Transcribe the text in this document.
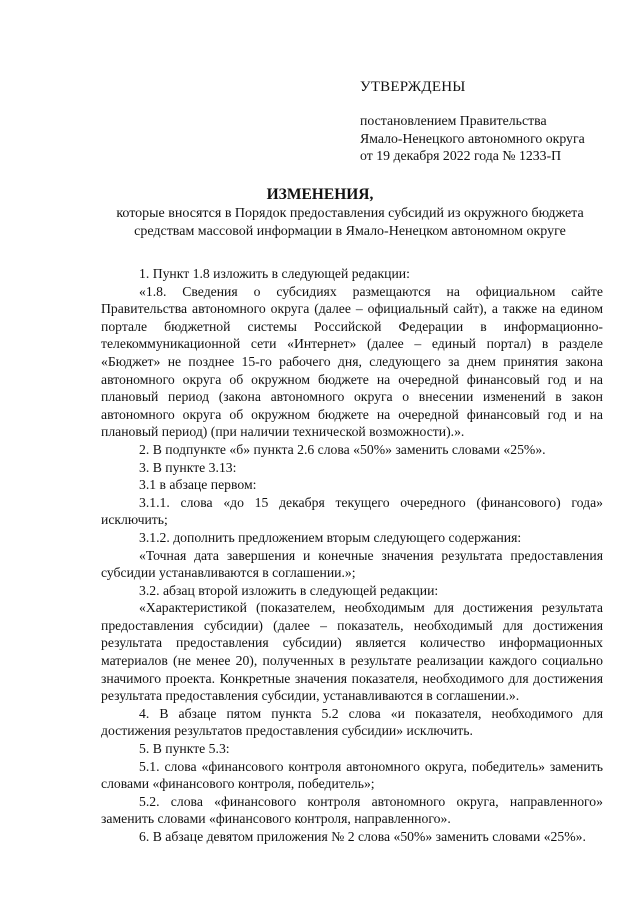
УТВЕРЖДЕНЫ
постановлением Правительства
Ямало-Ненецкого автономного округа
от 19 декабря 2022 года № 1233-П
ИЗМЕНЕНИЯ,
которые вносятся в Порядок предоставления субсидий из окружного бюджета средствам массовой информации в Ямало-Ненецком автономном округе

1. Пункт 1.8 изложить в следующей редакции:

«1.8. Сведения о субсидиях размещаются на официальном сайте Правительства автономного округа (далее – официальный сайт), а также на едином портале бюджетной системы Российской Федерации в информационно-телекоммуникационной сети «Интернет» (далее – единый портал) в разделе «Бюджет» не позднее 15-го рабочего дня, следующего за днем принятия закона автономного округа об окружном бюджете на очередной финансовый год и на плановый период (закона автономного округа о внесении изменений в закон автономного округа об окружном бюджете на очередной финансовый год и на плановый период) (при наличии технической возможности).».

2. В подпункте «б» пункта 2.6 слова «50%» заменить словами «25%».

3. В пункте 3.13:

3.1 в абзаце первом:

3.1.1. слова «до 15 декабря текущего очередного (финансового) года» исключить;

3.1.2. дополнить предложением вторым следующего содержания:

«Точная дата завершения и конечные значения результата предоставления субсидии устанавливаются в соглашении.»;

3.2. абзац второй изложить в следующей редакции:

«Характеристикой (показателем, необходимым для достижения результата предоставления субсидии) (далее – показатель, необходимый для достижения результата предоставления субсидии) является количество информационных материалов (не менее 20), полученных в результате реализации каждого социально значимого проекта. Конкретные значения показателя, необходимого для достижения результата предоставления субсидии, устанавливаются в соглашении.».

4. В абзаце пятом пункта 5.2 слова «и показателя, необходимого для достижения результатов предоставления субсидии» исключить.

5. В пункте 5.3:

5.1. слова «финансового контроля автономного округа, победитель» заменить словами «финансового контроля, победитель»;

5.2. слова «финансового контроля автономного округа, направленного» заменить словами «финансового контроля, направленного».

6. В абзаце девятом приложения № 2 слова «50%» заменить словами «25%».
